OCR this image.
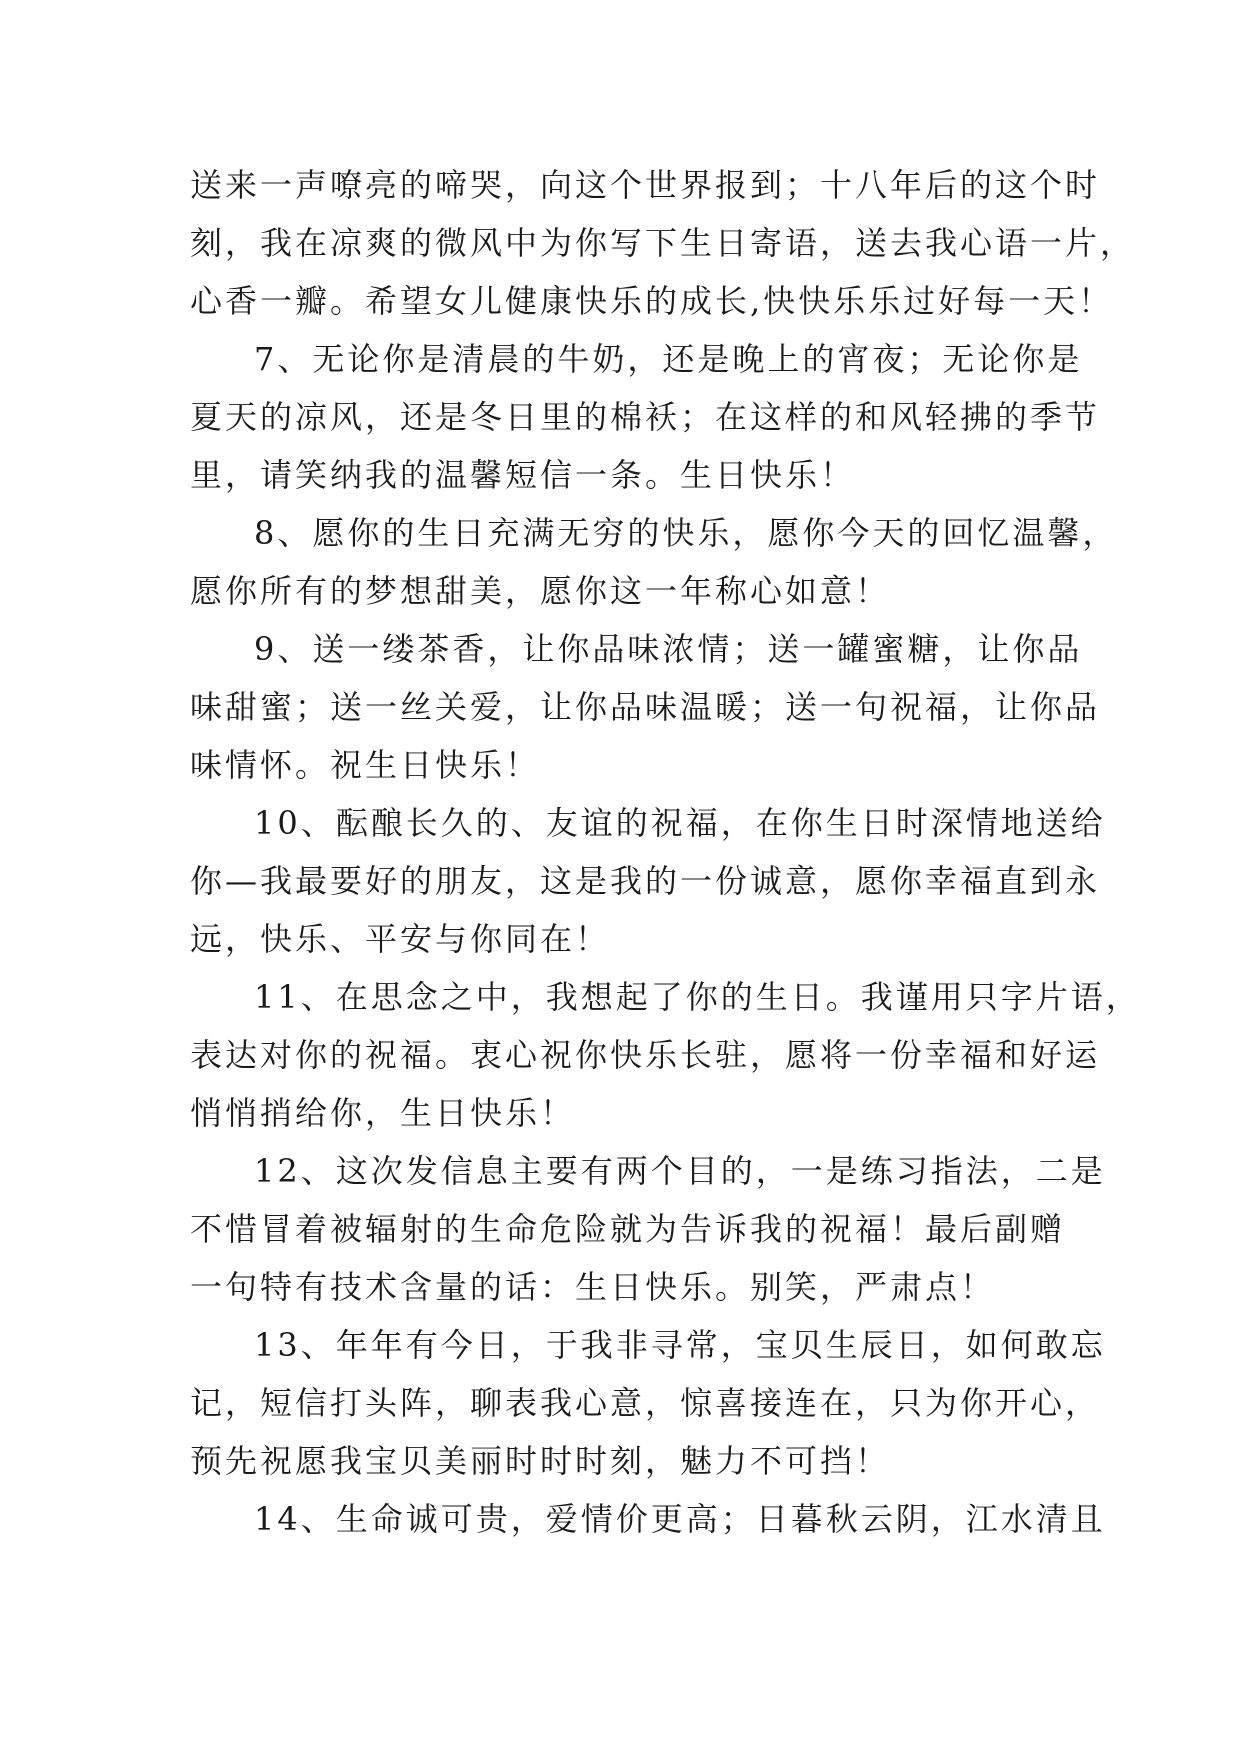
送来一声嘹亮的啼哭，向这个世界报到；十八年后的这个时
刻，我在凉爽的微风中为你写下生日寄语，送去我心语一片，
心香一瓣。希望女儿健康快乐的成长,快快乐乐过好每一天！
7、无论你是清晨的牛奶，还是晚上的宵夜；无论你是
夏天的凉风，还是冬日里的棉袄；在这样的和风轻拂的季节
里，请笑纳我的温馨短信一条。生日快乐！
8、愿你的生日充满无穷的快乐，愿你今天的回忆温馨，
愿你所有的梦想甜美，愿你这一年称心如意！
9、送一缕茶香，让你品味浓情；送一罐蜜糖，让你品
味甜蜜；送一丝关爱，让你品味温暖；送一句祝福，让你品
味情怀。祝生日快乐！
10、酝酿长久的、友谊的祝福，在你生日时深情地送给
你—我最要好的朋友，这是我的一份诚意，愿你幸福直到永
远，快乐、平安与你同在！
11、在思念之中，我想起了你的生日。我谨用只字片语，
表达对你的祝福。衷心祝你快乐长驻，愿将一份幸福和好运
悄悄捎给你，生日快乐！
12、这次发信息主要有两个目的，一是练习指法，二是
不惜冒着被辐射的生命危险就为告诉我的祝福！最后副赠
一句特有技术含量的话：生日快乐。别笑，严肃点！
13、年年有今日，于我非寻常，宝贝生辰日，如何敢忘
记，短信打头阵，聊表我心意，惊喜接连在，只为你开心，
预先祝愿我宝贝美丽时时时刻，魅力不可挡！
14、生命诚可贵，爱情价更高；日暮秋云阴，江水清且
